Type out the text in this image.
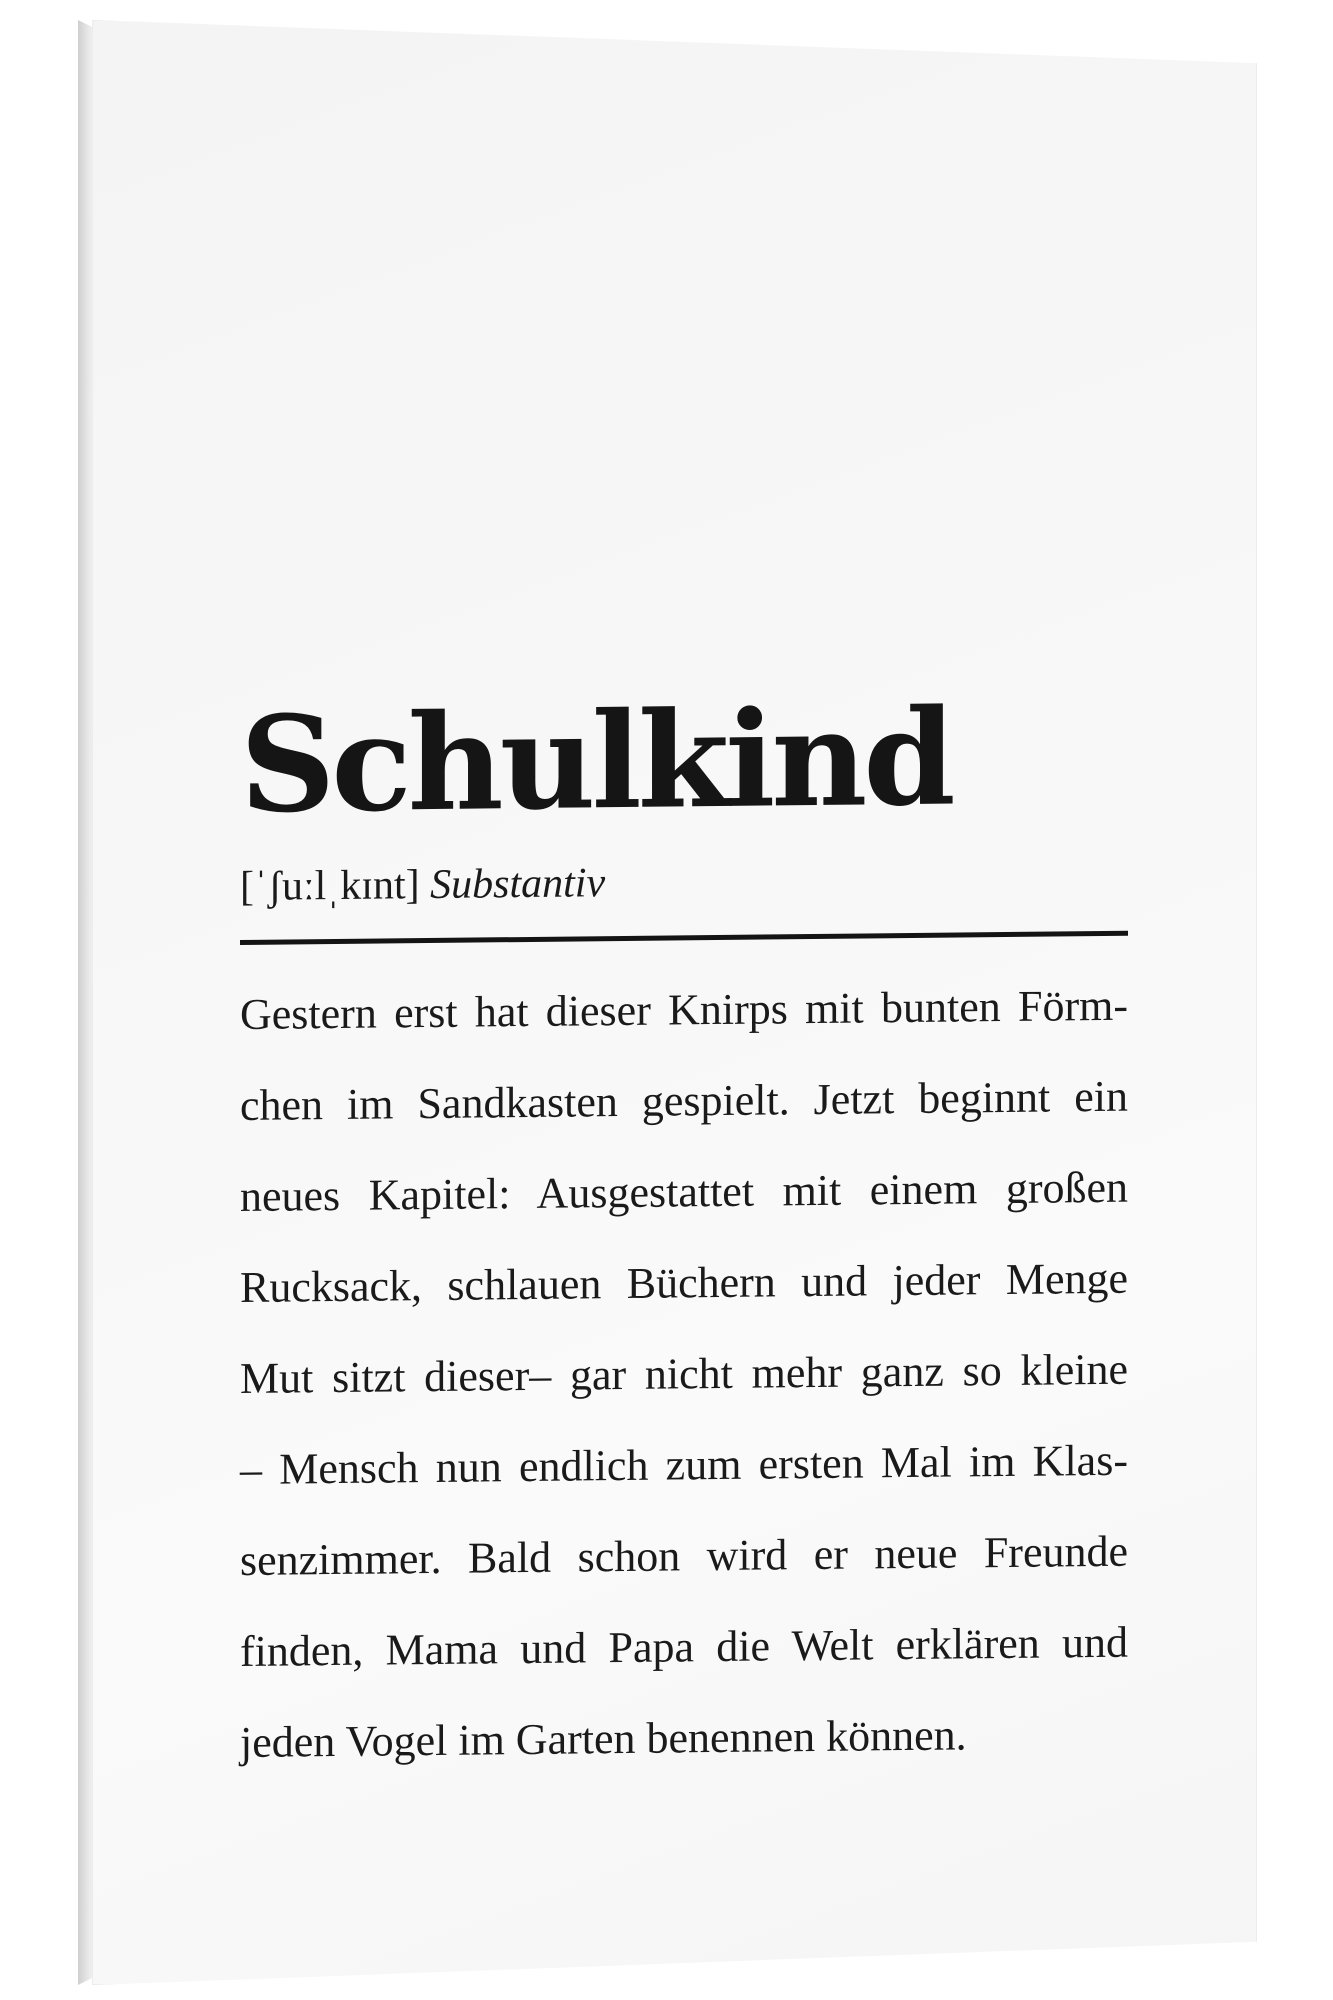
Schulkind
[ˈʃuːlˌkɪnt] Substantiv
Gestern erst hat dieser Knirps mit bunten Förm-
chen im Sandkasten gespielt. Jetzt beginnt ein
neues Kapitel: Ausgestattet mit einem großen
Rucksack, schlauen Büchern und jeder Menge
Mut sitzt dieser– gar nicht mehr ganz so kleine
– Mensch nun endlich zum ersten Mal im Klas-
senzimmer. Bald schon wird er neue Freunde
finden, Mama und Papa die Welt erklären und
jeden Vogel im Garten benennen können.
